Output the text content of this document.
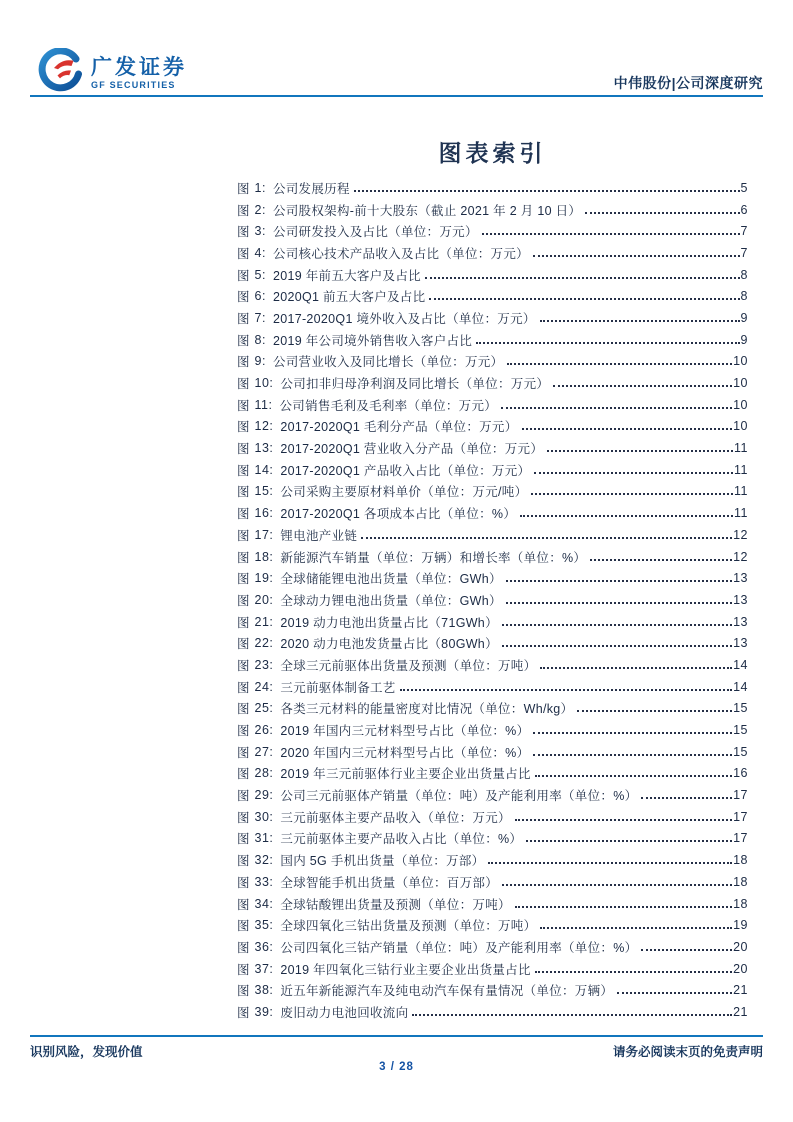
广发证券
GF SECURITIES	中伟股份|公司深度研究
图表索引
图 1: 公司发展历程	5
图 2: 公司股权架构-前十大股东（截止 2021 年 2 月 10 日）	6
图 3: 公司研发投入及占比（单位：万元）	7
图 4: 公司核心技术产品收入及占比（单位：万元）	7
图 5: 2019 年前五大客户及占比	8
图 6: 2020Q1 前五大客户及占比	8
图 7: 2017-2020Q1 境外收入及占比（单位：万元）	9
图 8: 2019 年公司境外销售收入客户占比	9
图 9: 公司营业收入及同比增长（单位：万元）	10
图 10: 公司扣非归母净利润及同比增长（单位：万元）	10
图 11: 公司销售毛利及毛利率（单位：万元）	10
图 12: 2017-2020Q1 毛利分产品（单位：万元）	10
图 13: 2017-2020Q1 营业收入分产品（单位：万元）	11
图 14: 2017-2020Q1 产品收入占比（单位：万元）	11
图 15: 公司采购主要原材料单价（单位：万元/吨）	11
图 16: 2017-2020Q1 各项成本占比（单位：%）	11
图 17: 锂电池产业链	12
图 18: 新能源汽车销量（单位：万辆）和增长率（单位：%）	12
图 19: 全球储能锂电池出货量（单位：GWh）	13
图 20: 全球动力锂电池出货量（单位：GWh）	13
图 21: 2019 动力电池出货量占比（71GWh）	13
图 22: 2020 动力电池发货量占比（80GWh）	13
图 23: 全球三元前驱体出货量及预测（单位：万吨）	14
图 24: 三元前驱体制备工艺	14
图 25: 各类三元材料的能量密度对比情况（单位：Wh/kg）	15
图 26: 2019 年国内三元材料型号占比（单位：%）	15
图 27: 2020 年国内三元材料型号占比（单位：%）	15
图 28: 2019 年三元前驱体行业主要企业出货量占比	16
图 29: 公司三元前驱体产销量（单位：吨）及产能利用率（单位：%）	17
图 30: 三元前驱体主要产品收入（单位：万元）	17
图 31: 三元前驱体主要产品收入占比（单位：%）	17
图 32: 国内 5G 手机出货量（单位：万部）	18
图 33: 全球智能手机出货量（单位：百万部）	18
图 34: 全球钴酸锂出货量及预测（单位：万吨）	18
图 35: 全球四氧化三钴出货量及预测（单位：万吨）	19
图 36: 公司四氧化三钴产销量（单位：吨）及产能利用率（单位：%）	20
图 37: 2019 年四氧化三钴行业主要企业出货量占比	20
图 38: 近五年新能源汽车及纯电动汽车保有量情况（单位：万辆）	21
图 39: 废旧动力电池回收流向	21
识别风险，发现价值	请务必阅读末页的免责声明
3 / 28
